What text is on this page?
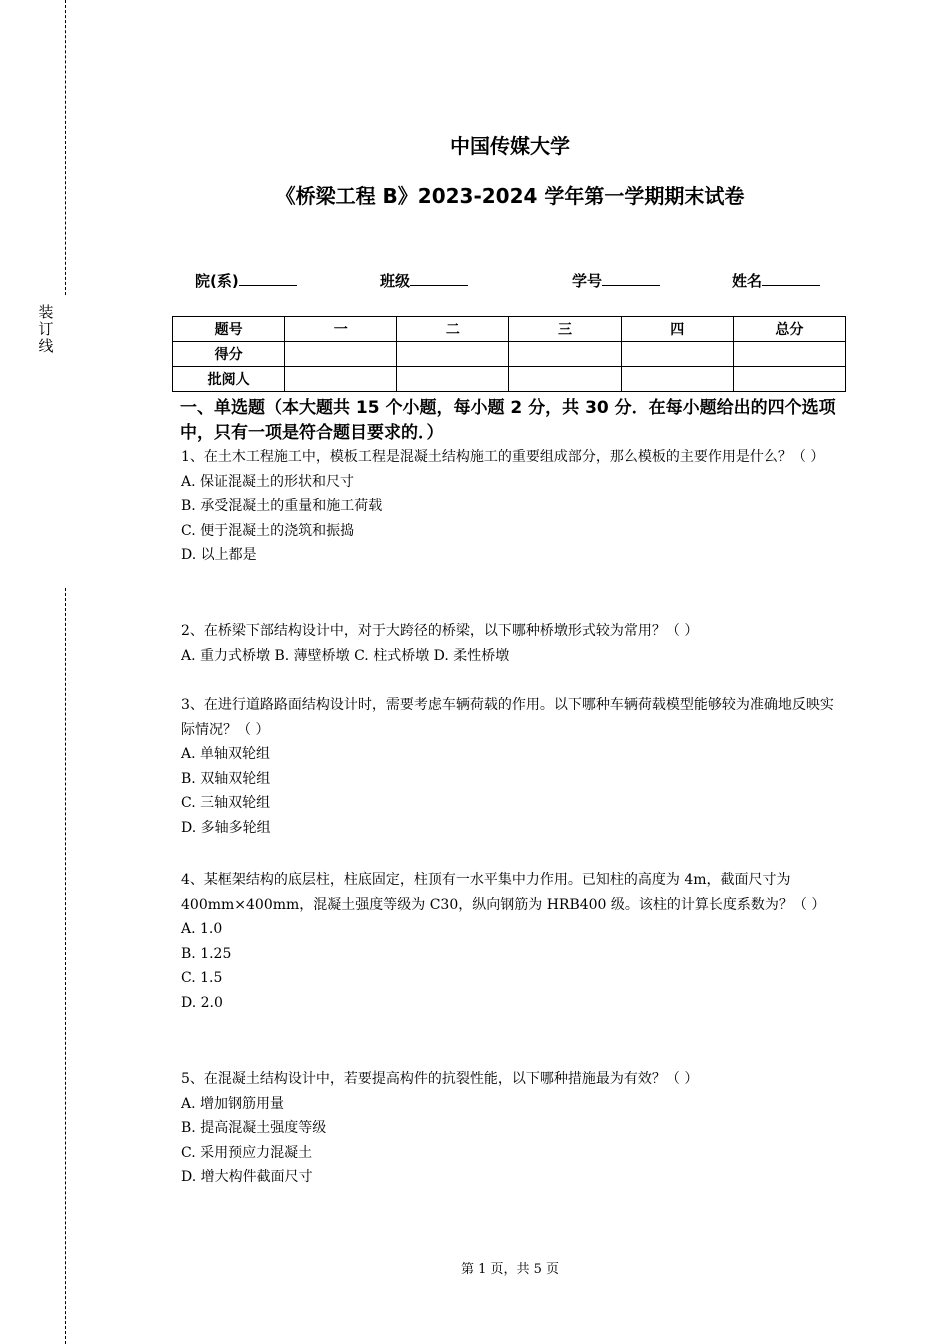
装
订
线
中国传媒大学
《桥梁工程 B》2023-2024 学年第一学期期末试卷
院(系)	班级	学号	姓名
题号	一	二	三	四	总分
得分					
批阅人					
一、单选题（本大题共 15 个小题，每小题 2 分，共 30 分．在每小题给出的四个选项中，只有一项是符合题目要求的．）

1、在土木工程施工中，模板工程是混凝土结构施工的重要组成部分，那么模板的主要作用是什么？（ ）

A. 保证混凝土的形状和尺寸

B. 承受混凝土的重量和施工荷载

C. 便于混凝土的浇筑和振捣

D. 以上都是

2、在桥梁下部结构设计中，对于大跨径的桥梁，以下哪种桥墩形式较为常用？（ ）

A. 重力式桥墩 B. 薄壁桥墩 C. 柱式桥墩 D. 柔性桥墩

3、在进行道路路面结构设计时，需要考虑车辆荷载的作用。以下哪种车辆荷载模型能够较为准确地反映实际情况？（ ）

A. 单轴双轮组

B. 双轴双轮组

C. 三轴双轮组

D. 多轴多轮组

4、某框架结构的底层柱，柱底固定，柱顶有一水平集中力作用。已知柱的高度为 4m，截面尺寸为 400mm×400mm，混凝土强度等级为 C30，纵向钢筋为 HRB400 级。该柱的计算长度系数为？（ ）

A. 1.0

B. 1.25

C. 1.5

D. 2.0

5、在混凝土结构设计中，若要提高构件的抗裂性能，以下哪种措施最为有效？（ ）

A. 增加钢筋用量

B. 提高混凝土强度等级

C. 采用预应力混凝土

D. 增大构件截面尺寸

第 1 页，共 5 页
